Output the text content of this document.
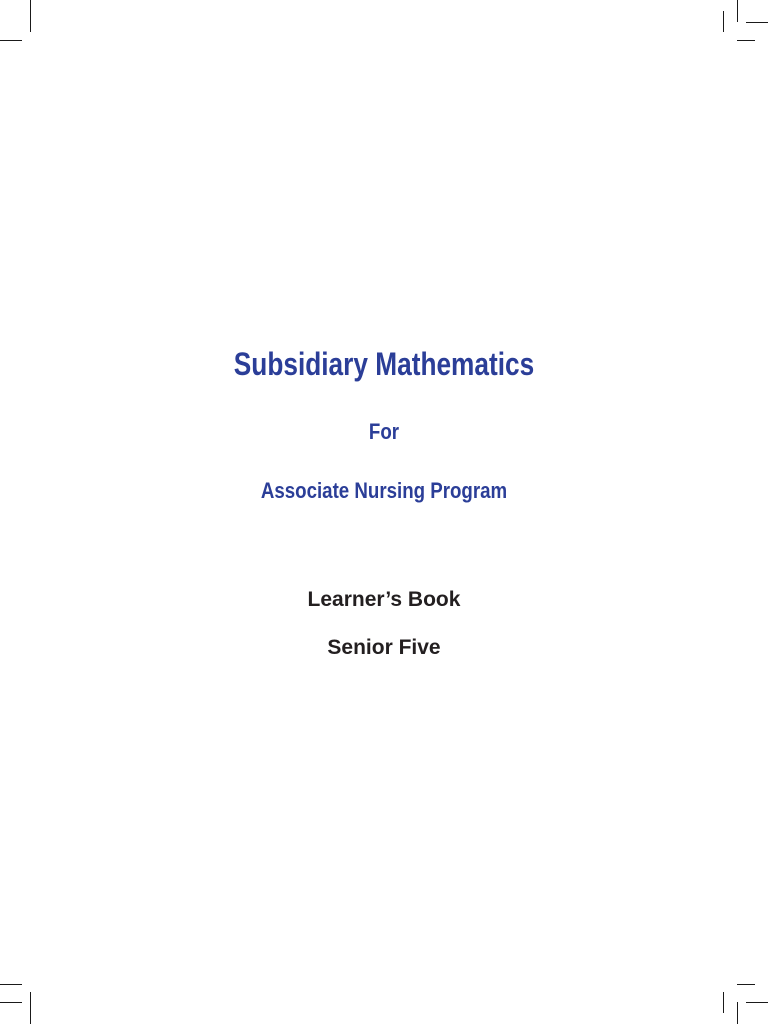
Subsidiary Mathematics
For
Associate Nursing Program
Learner’s Book
Senior Five
